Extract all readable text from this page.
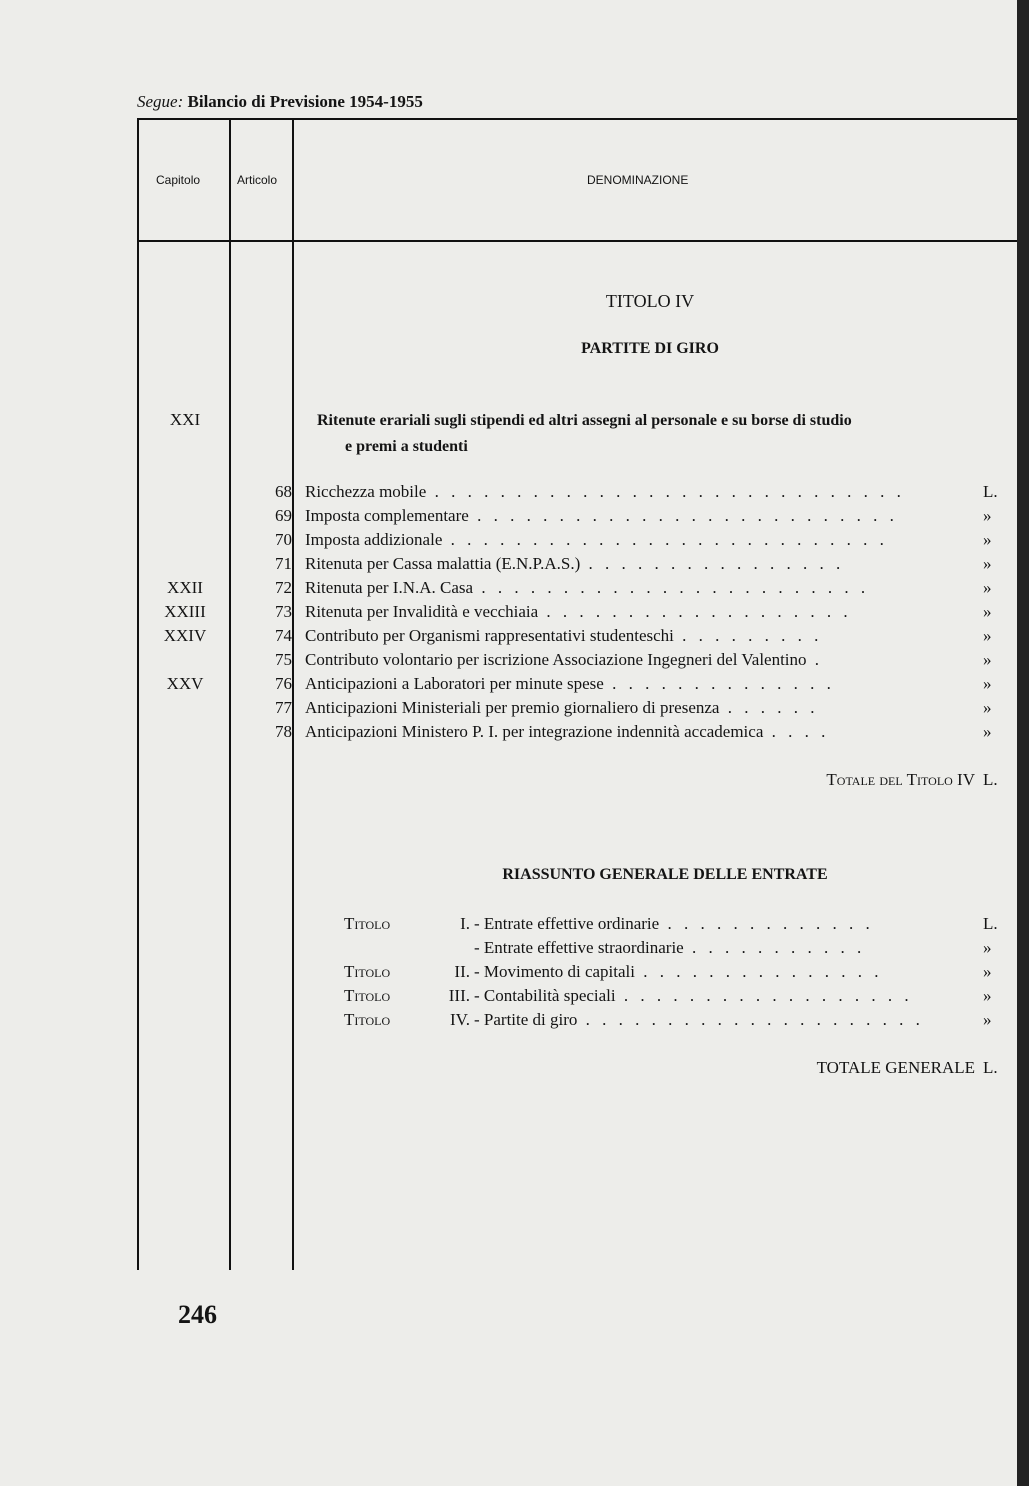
Segue: Bilancio di Previsione 1954-1955
Capitolo	Articolo	DENOMINAZIONE
TITOLO IV
PARTITE DI GIRO
XXI	Ritenute erariali sugli stipendi ed altri assegni al personale e su borse di studio
e premi a studenti
68 Ricchezza mobile . . . . . . . . . . . . . . . . . . . . . . . . . . . . .	L.
69 Imposta complementare . . . . . . . . . . . . . . . . . . . . . . . . . .	»
70 Imposta addizionale . . . . . . . . . . . . . . . . . . . . . . . . . . .	»
71 Ritenuta per Cassa malattia (E.N.P.A.S.) . . . . . . . . . . . . . . . .	»
XXII	72 Ritenuta per I.N.A. Casa . . . . . . . . . . . . . . . . . . . . . . . .	»
XXIII	73 Ritenuta per Invalidità e vecchiaia . . . . . . . . . . . . . . . . . . .	»
XXIV	74 Contributo per Organismi rappresentativi studenteschi . . . . . . . . .	»
75 Contributo volontario per iscrizione Associazione Ingegneri del Valentino .	»
XXV	76 Anticipazioni a Laboratori per minute spese . . . . . . . . . . . . . .	»
77 Anticipazioni Ministeriali per premio giornaliero di presenza . . . . . .	»
78 Anticipazioni Ministero P. I. per integrazione indennità accademica . . . .	»
Totale del Titolo IV L.
RIASSUNTO GENERALE DELLE ENTRATE
Titolo	I. - Entrate effettive ordinarie . . . . . . . . . . . . .	L.
- Entrate effettive straordinarie . . . . . . . . . . .	»
Titolo	II. - Movimento di capitali . . . . . . . . . . . . . . .	»
Titolo	III. - Contabilità speciali . . . . . . . . . . . . . . . . . .	»
Titolo	IV. - Partite di giro . . . . . . . . . . . . . . . . . . . . .	»
TOTALE GENERALE L.
246
